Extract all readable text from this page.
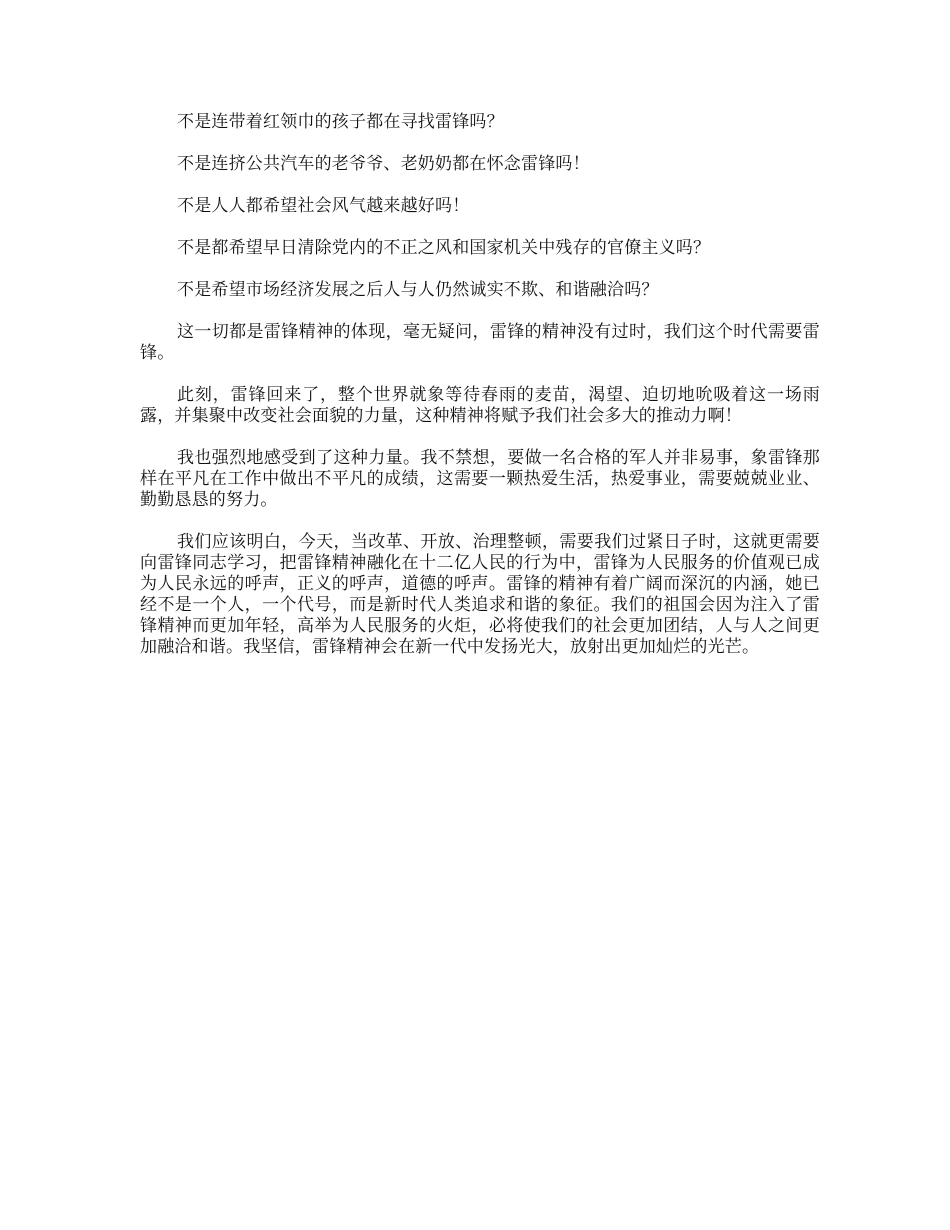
不是连带着红领巾的孩子都在寻找雷锋吗？

不是连挤公共汽车的老爷爷、老奶奶都在怀念雷锋吗！

不是人人都希望社会风气越来越好吗！

不是都希望早日清除党内的不正之风和国家机关中残存的官僚主义吗？

不是希望市场经济发展之后人与人仍然诚实不欺、和谐融洽吗？

这一切都是雷锋精神的体现，毫无疑问，雷锋的精神没有过时，我们这个时代需要雷锋。

此刻，雷锋回来了，整个世界就象等待春雨的麦苗，渴望、迫切地吮吸着这一场雨露，并集聚中改变社会面貌的力量，这种精神将赋予我们社会多大的推动力啊！

我也强烈地感受到了这种力量。我不禁想，要做一名合格的军人并非易事，象雷锋那样在平凡在工作中做出不平凡的成绩，这需要一颗热爱生活，热爱事业，需要兢兢业业、勤勤恳恳的努力。

我们应该明白，今天，当改革、开放、治理整顿，需要我们过紧日子时，这就更需要向雷锋同志学习，把雷锋精神融化在十二亿人民的行为中，雷锋为人民服务的价值观已成为人民永远的呼声，正义的呼声，道德的呼声。雷锋的精神有着广阔而深沉的内涵，她已经不是一个人，一个代号，而是新时代人类追求和谐的象征。我们的祖国会因为注入了雷锋精神而更加年轻，高举为人民服务的火炬，必将使我们的社会更加团结，人与人之间更加融洽和谐。我坚信，雷锋精神会在新一代中发扬光大，放射出更加灿烂的光芒。
